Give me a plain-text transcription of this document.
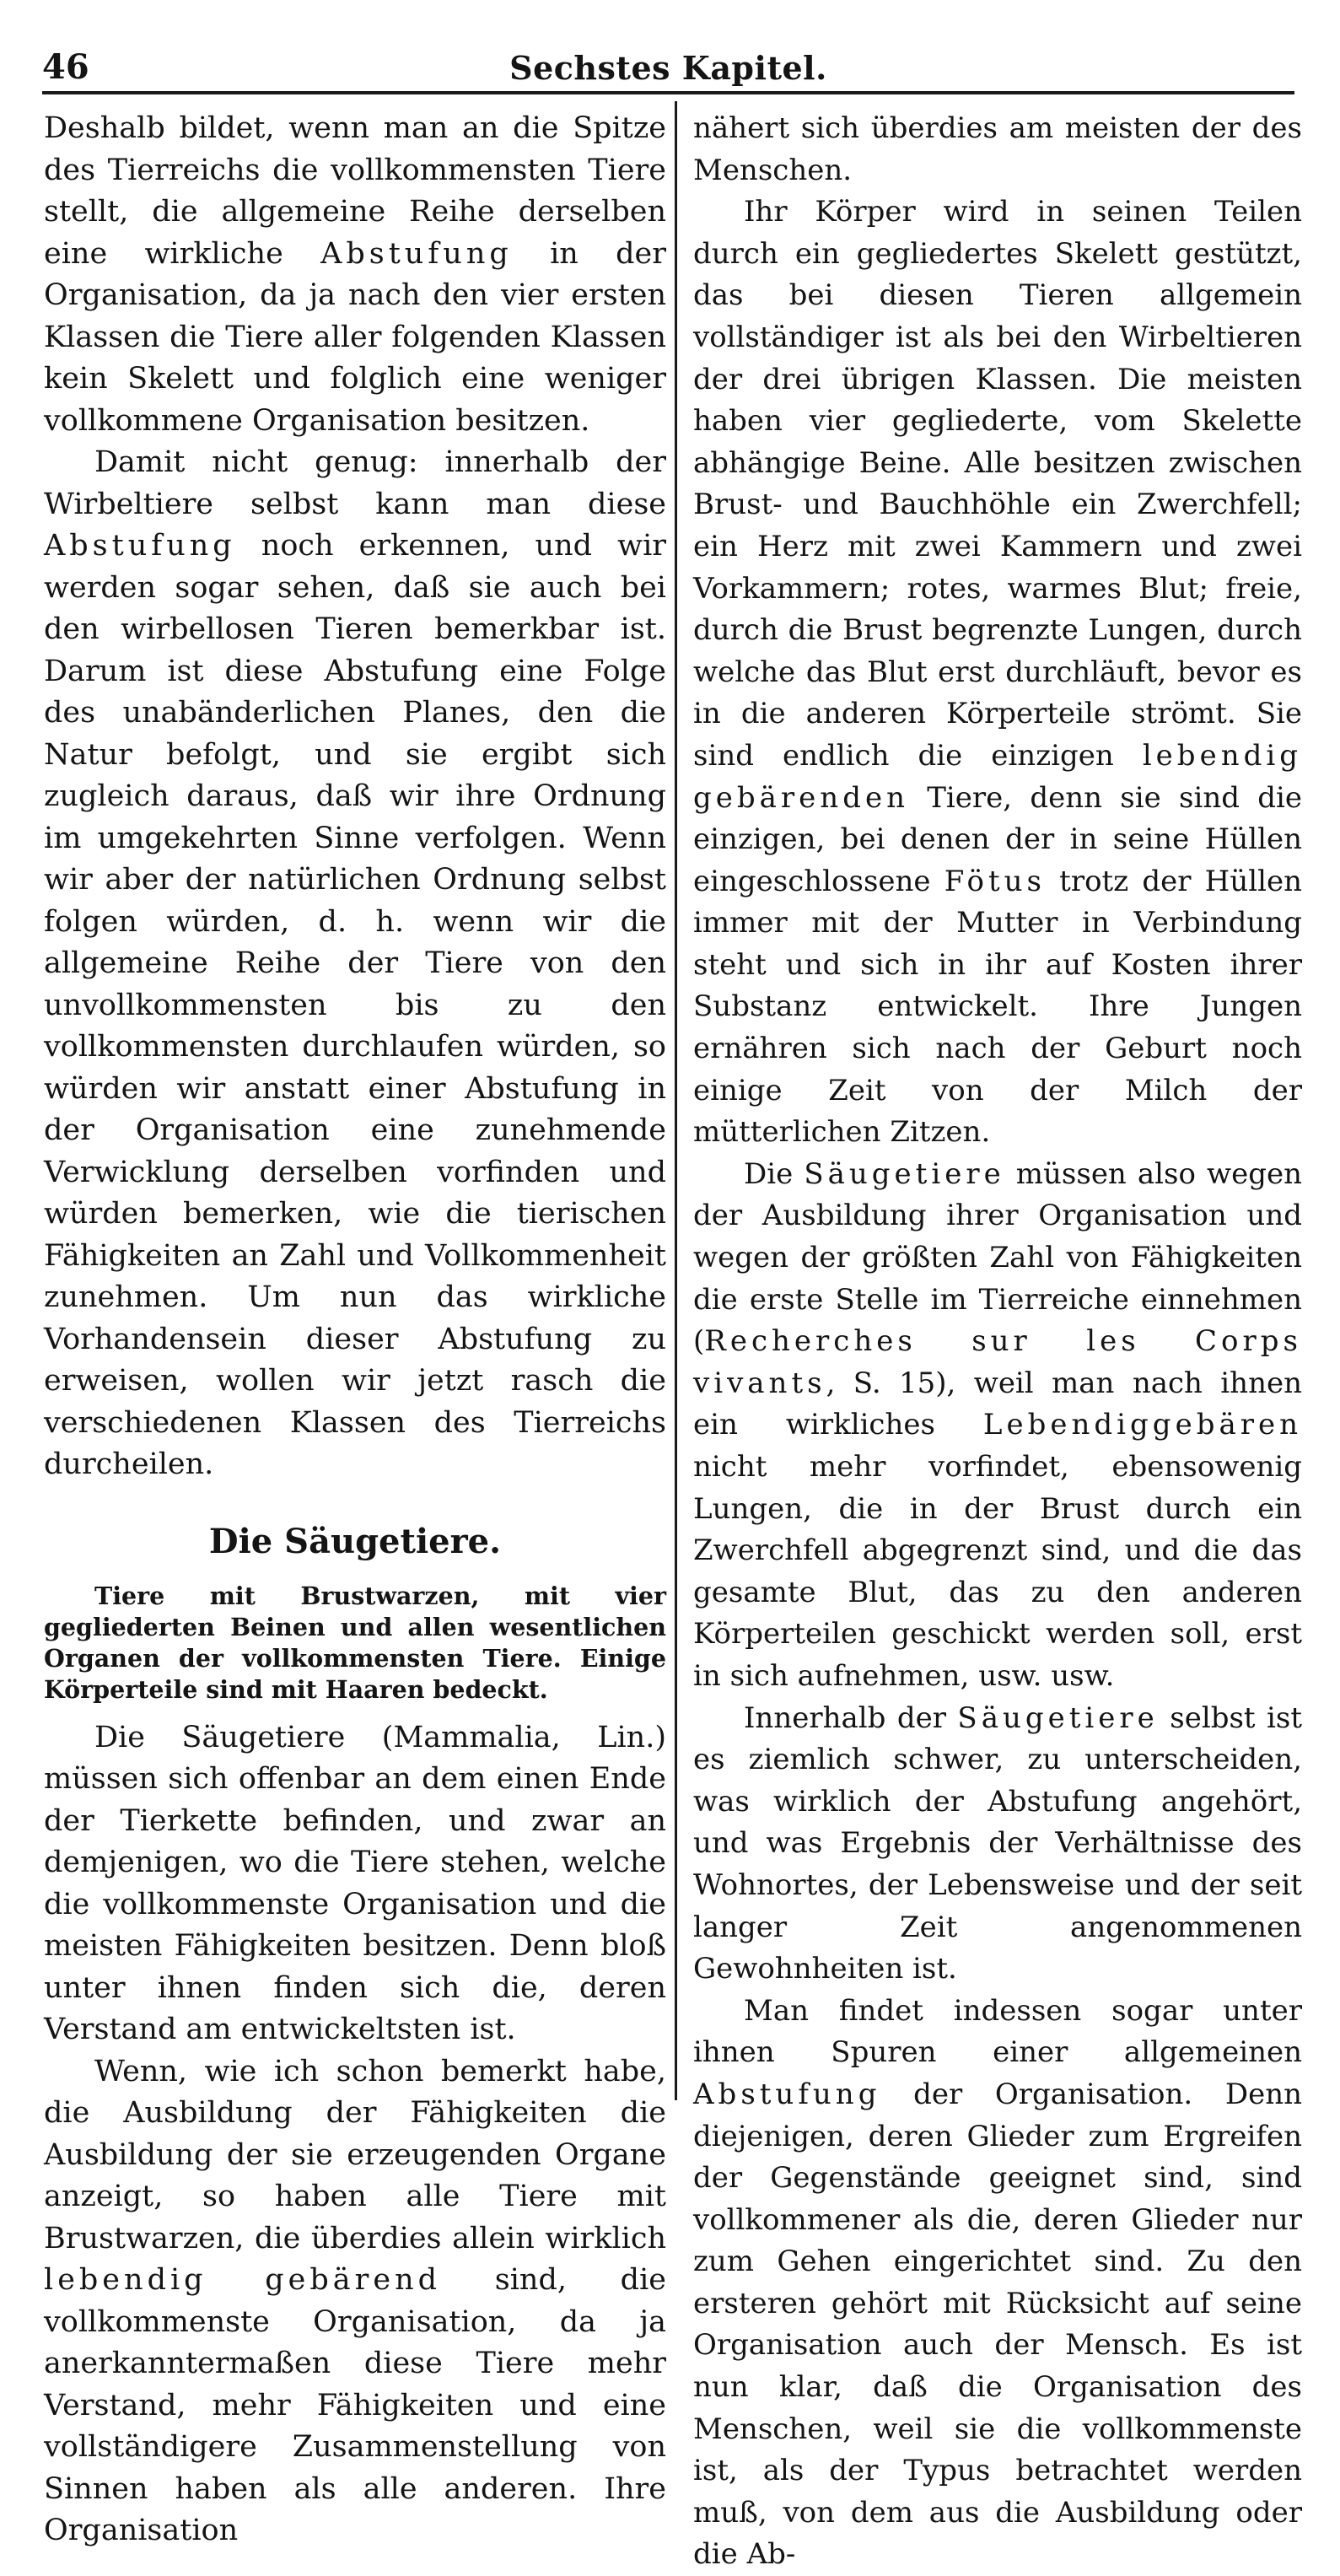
46	Sechstes Kapitel.

Deshalb bildet, wenn man an die Spitze des Tierreichs die vollkommensten Tiere stellt, die allgemeine Reihe derselben eine wirkliche Abstufung in der Organisation, da ja nach den vier ersten Klassen die Tiere aller folgenden Klassen kein Skelett und folglich eine weniger vollkommene Organisation besitzen.

Damit nicht genug: innerhalb der Wirbeltiere selbst kann man diese Abstufung noch erkennen, und wir werden sogar sehen, daß sie auch bei den wirbellosen Tieren bemerkbar ist. Darum ist diese Abstufung eine Folge des unabänderlichen Planes, den die Natur befolgt, und sie ergibt sich zugleich daraus, daß wir ihre Ordnung im umgekehrten Sinne verfolgen. Wenn wir aber der natürlichen Ordnung selbst folgen würden, d. h. wenn wir die allgemeine Reihe der Tiere von den unvollkommensten bis zu den vollkommensten durchlaufen würden, so würden wir anstatt einer Abstufung in der Organisation eine zunehmende Verwicklung derselben vorfinden und würden bemerken, wie die tierischen Fähigkeiten an Zahl und Vollkommenheit zunehmen. Um nun das wirkliche Vorhandensein dieser Abstufung zu erweisen, wollen wir jetzt rasch die verschiedenen Klassen des Tierreichs durcheilen.

Die Säugetiere.

Tiere mit Brustwarzen, mit vier gegliederten Beinen und allen wesentlichen Organen der vollkommensten Tiere. Einige Körperteile sind mit Haaren bedeckt.

Die Säugetiere (Mammalia, Lin.) müssen sich offenbar an dem einen Ende der Tierkette befinden, und zwar an demjenigen, wo die Tiere stehen, welche die vollkommenste Organisation und die meisten Fähigkeiten besitzen. Denn bloß unter ihnen finden sich die, deren Verstand am entwickeltsten ist.

Wenn, wie ich schon bemerkt habe, die Ausbildung der Fähigkeiten die Ausbildung der sie erzeugenden Organe anzeigt, so haben alle Tiere mit Brustwarzen, die überdies allein wirklich lebendig gebärend sind, die vollkommenste Organisation, da ja anerkanntermaßen diese Tiere mehr Verstand, mehr Fähigkeiten und eine vollständigere Zusammenstellung von Sinnen haben als alle anderen. Ihre Organisation

nähert sich überdies am meisten der des Menschen.

Ihr Körper wird in seinen Teilen durch ein gegliedertes Skelett gestützt, das bei diesen Tieren allgemein vollständiger ist als bei den Wirbeltieren der drei übrigen Klassen. Die meisten haben vier gegliederte, vom Skelette abhängige Beine. Alle besitzen zwischen Brust- und Bauchhöhle ein Zwerchfell; ein Herz mit zwei Kammern und zwei Vorkammern; rotes, warmes Blut; freie, durch die Brust begrenzte Lungen, durch welche das Blut erst durchläuft, bevor es in die anderen Körperteile strömt. Sie sind endlich die einzigen lebendig gebärenden Tiere, denn sie sind die einzigen, bei denen der in seine Hüllen eingeschlossene Fötus trotz der Hüllen immer mit der Mutter in Verbindung steht und sich in ihr auf Kosten ihrer Substanz entwickelt. Ihre Jungen ernähren sich nach der Geburt noch einige Zeit von der Milch der mütterlichen Zitzen.

Die Säugetiere müssen also wegen der Ausbildung ihrer Organisation und wegen der größten Zahl von Fähigkeiten die erste Stelle im Tierreiche einnehmen (Recherches sur les Corps vivants, S. 15), weil man nach ihnen ein wirkliches Lebendiggebären nicht mehr vorfindet, ebensowenig Lungen, die in der Brust durch ein Zwerchfell abgegrenzt sind, und die das gesamte Blut, das zu den anderen Körperteilen geschickt werden soll, erst in sich aufnehmen, usw. usw.

Innerhalb der Säugetiere selbst ist es ziemlich schwer, zu unterscheiden, was wirklich der Abstufung angehört, und was Ergebnis der Verhältnisse des Wohnortes, der Lebensweise und der seit langer Zeit angenommenen Gewohnheiten ist.

Man findet indessen sogar unter ihnen Spuren einer allgemeinen Abstufung der Organisation. Denn diejenigen, deren Glieder zum Ergreifen der Gegenstände geeignet sind, sind vollkommener als die, deren Glieder nur zum Gehen eingerichtet sind. Zu den ersteren gehört mit Rücksicht auf seine Organisation auch der Mensch. Es ist nun klar, daß die Organisation des Menschen, weil sie die vollkommenste ist, als der Typus betrachtet werden muß, von dem aus die Ausbildung oder die Ab-
